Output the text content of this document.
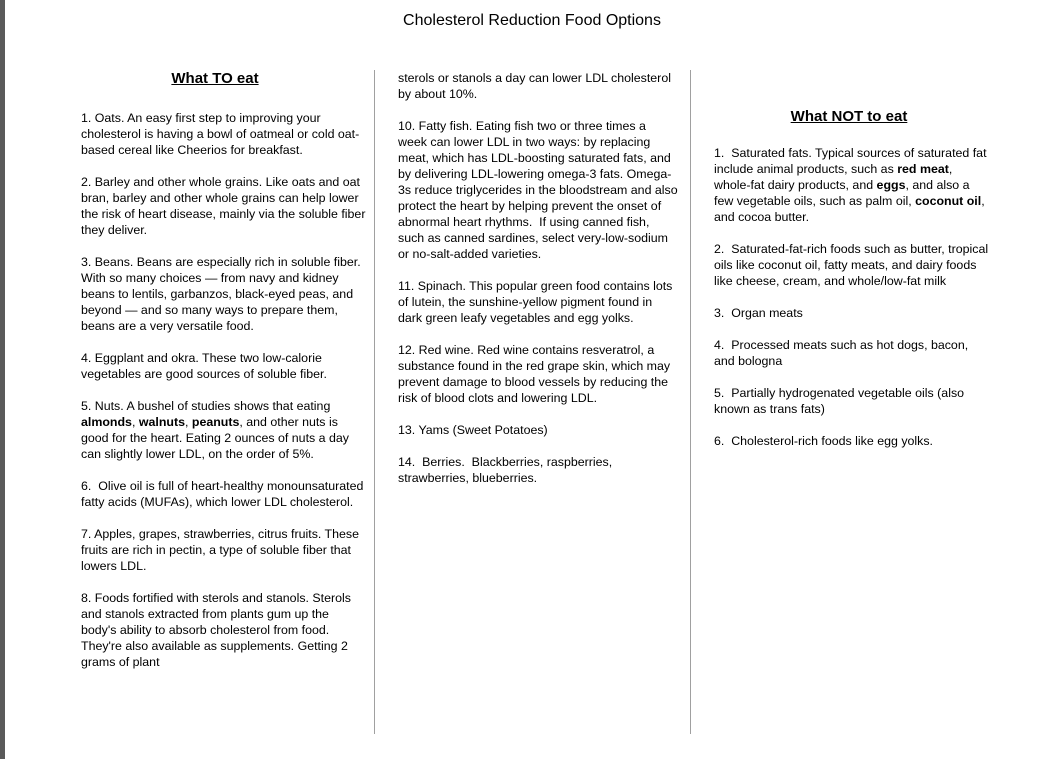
Cholesterol Reduction Food Options

What TO eat

1. Oats. An easy first step to improving your cholesterol is having a bowl of oatmeal or cold oat-based cereal like Cheerios for breakfast.

2. Barley and other whole grains. Like oats and oat bran, barley and other whole grains can help lower the risk of heart disease, mainly via the soluble fiber they deliver.

3. Beans. Beans are especially rich in soluble fiber. With so many choices — from navy and kidney beans to lentils, garbanzos, black-eyed peas, and beyond — and so many ways to prepare them, beans are a very versatile food.

4. Eggplant and okra. These two low-calorie vegetables are good sources of soluble fiber.

5. Nuts. A bushel of studies shows that eating almonds, walnuts, peanuts, and other nuts is good for the heart. Eating 2 ounces of nuts a day can slightly lower LDL, on the order of 5%.

6.  Olive oil is full of heart-healthy monounsaturated fatty acids (MUFAs), which lower LDL cholesterol.

7. Apples, grapes, strawberries, citrus fruits. These fruits are rich in pectin, a type of soluble fiber that lowers LDL.

8. Foods fortified with sterols and stanols. Sterols and stanols extracted from plants gum up the body's ability to absorb cholesterol from food. They're also available as supplements. Getting 2 grams of plant

sterols or stanols a day can lower LDL cholesterol by about 10%.

10. Fatty fish. Eating fish two or three times a week can lower LDL in two ways: by replacing meat, which has LDL-boosting saturated fats, and by delivering LDL-lowering omega-3 fats. Omega-3s reduce triglycerides in the bloodstream and also protect the heart by helping prevent the onset of abnormal heart rhythms.  If using canned fish, such as canned sardines, select very-low-sodium or no-salt-added varieties.

11. Spinach. This popular green food contains lots of lutein, the sunshine-yellow pigment found in dark green leafy vegetables and egg yolks.

12. Red wine. Red wine contains resveratrol, a substance found in the red grape skin, which may prevent damage to blood vessels by reducing the risk of blood clots and lowering LDL.

13. Yams (Sweet Potatoes)

14.  Berries.  Blackberries, raspberries, strawberries, blueberries.

What NOT to eat

1.  Saturated fats. Typical sources of saturated fat include animal products, such as red meat, whole-fat dairy products, and eggs, and also a few vegetable oils, such as palm oil, coconut oil, and cocoa butter.

2.  Saturated-fat-rich foods such as butter, tropical oils like coconut oil, fatty meats, and dairy foods like cheese, cream, and whole/low-fat milk

3.  Organ meats

4.  Processed meats such as hot dogs, bacon, and bologna

5.  Partially hydrogenated vegetable oils (also known as trans fats)

6.  Cholesterol-rich foods like egg yolks.
